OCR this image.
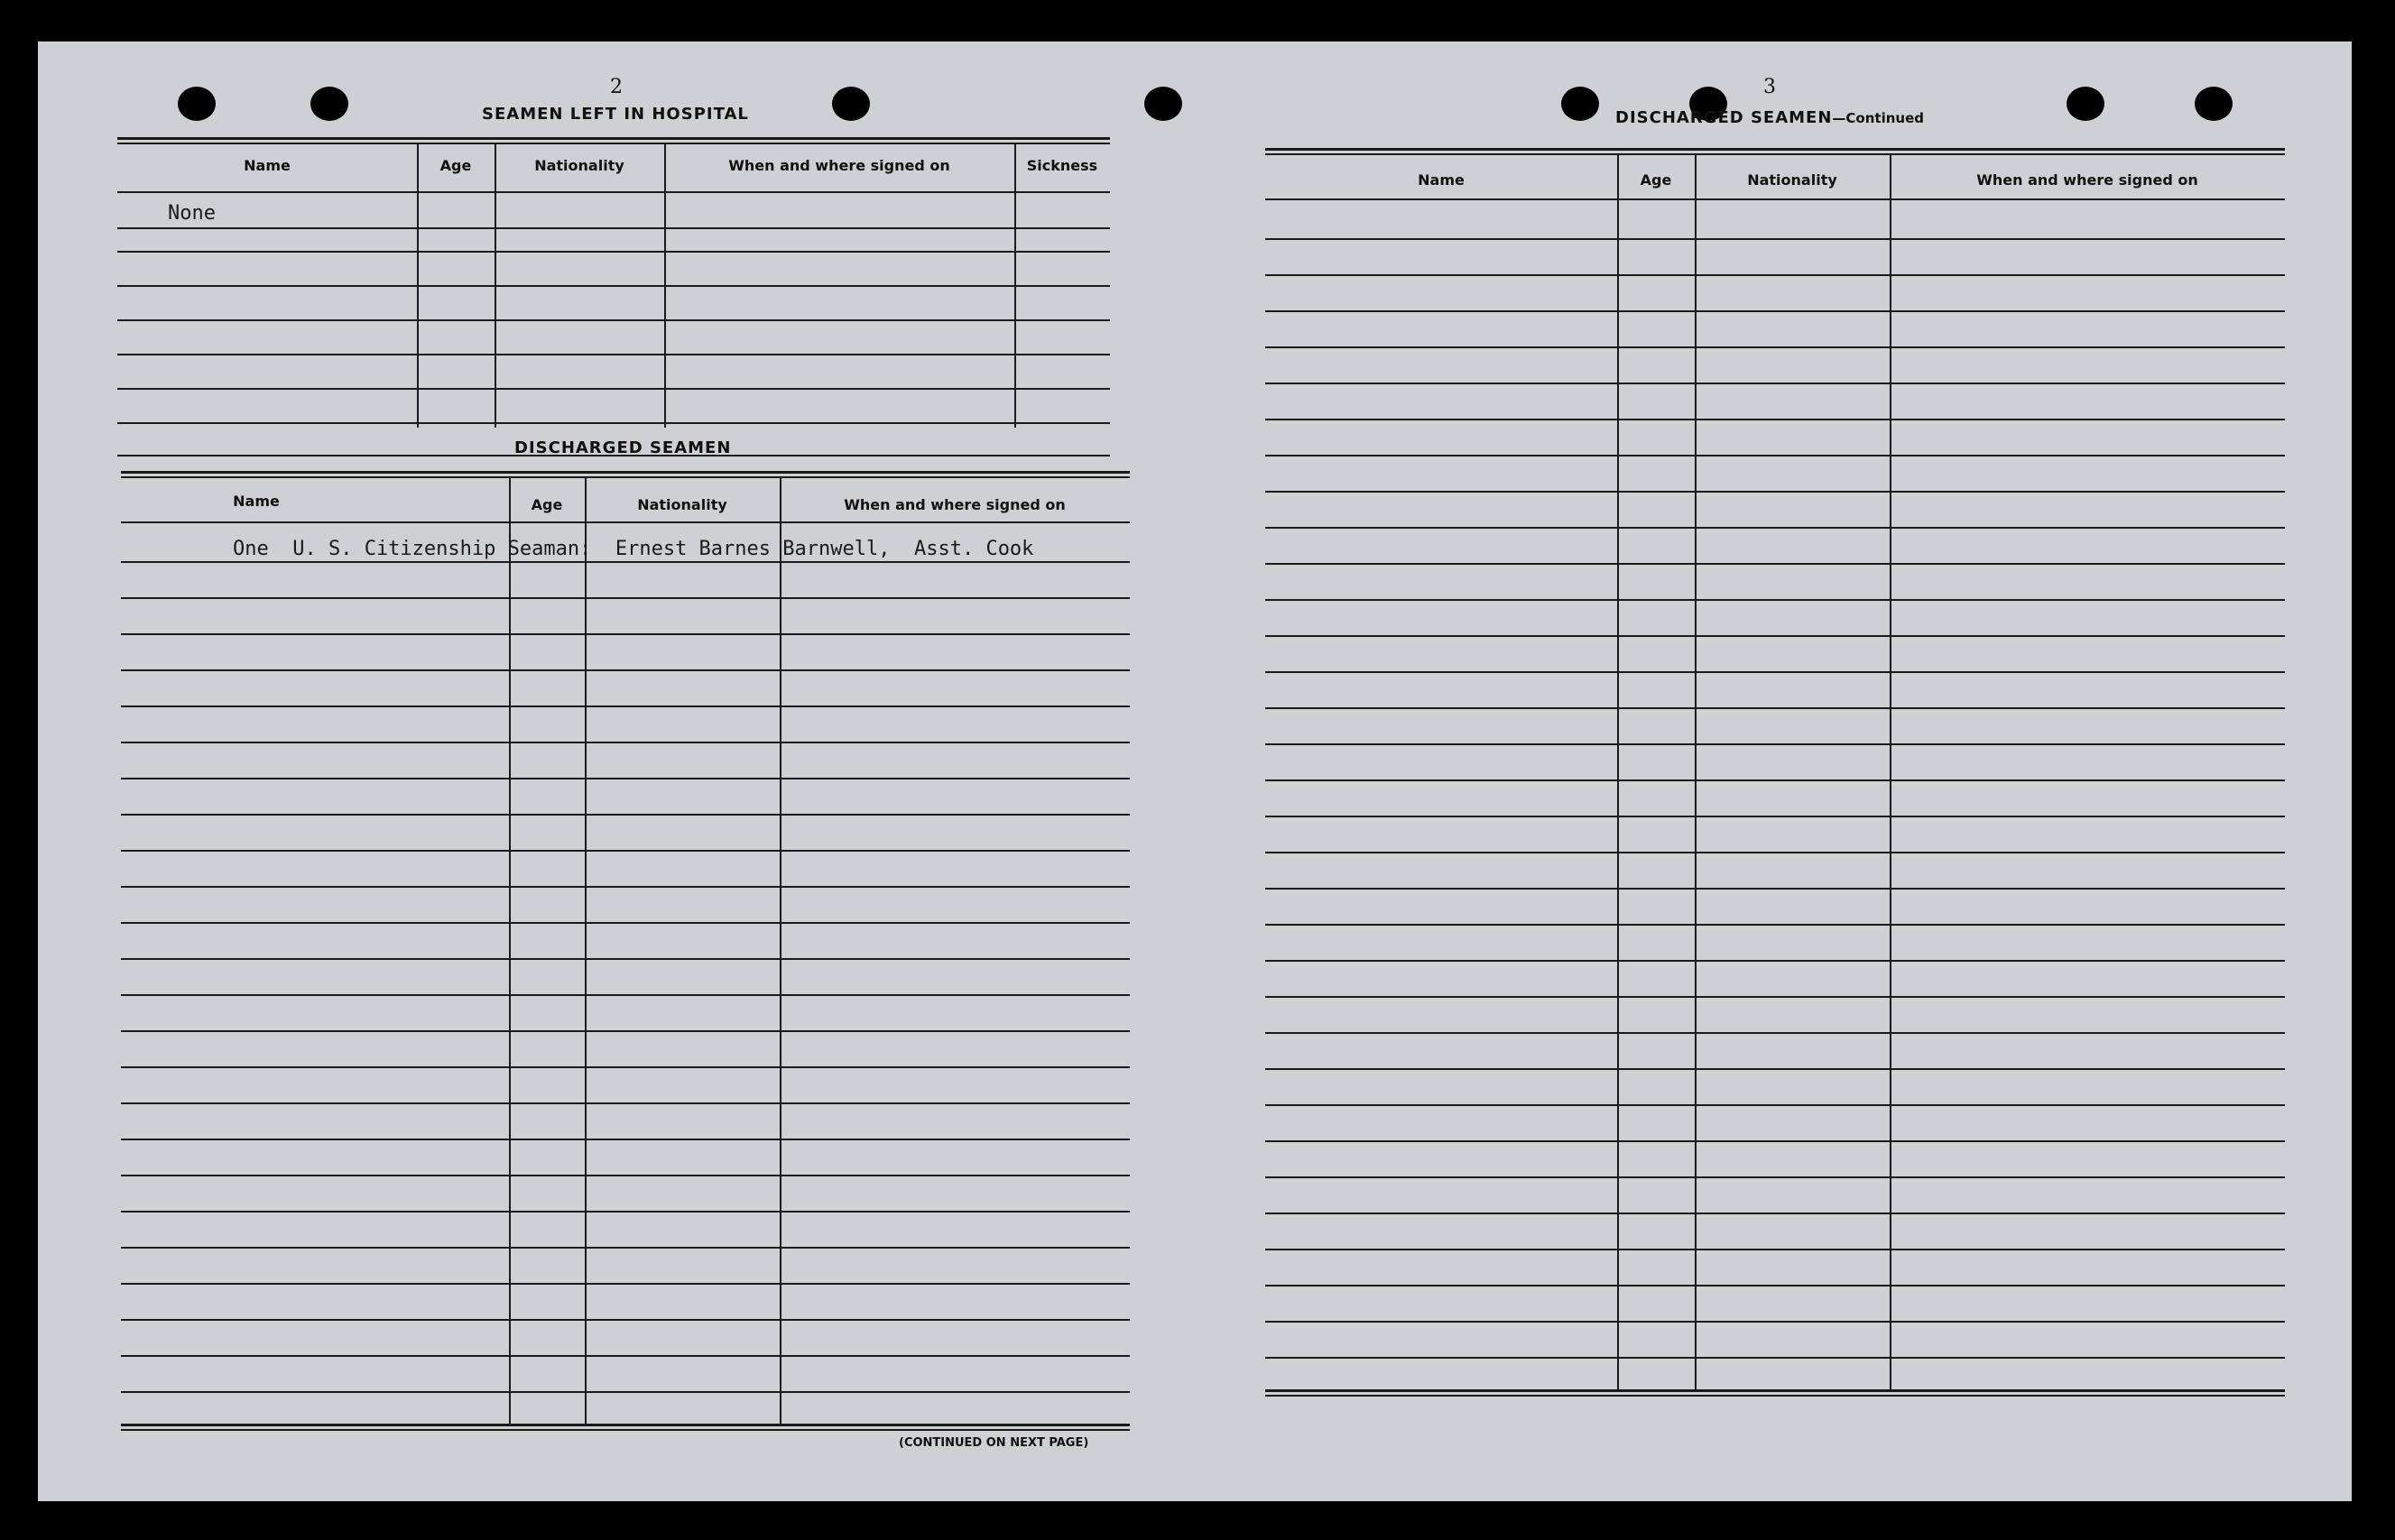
2
SEAMEN LEFT IN HOSPITAL
Name	Age	Nationality	When and where signed on	Sickness
None
DISCHARGED SEAMEN
Name	Age	Nationality	When and where signed on
One  U. S. Citizenship Seaman:  Ernest Barnes Barnwell,  Asst. Cook
(CONTINUED ON NEXT PAGE)
3
DISCHARGED SEAMEN—Continued
Name	Age	Nationality	When and where signed on
